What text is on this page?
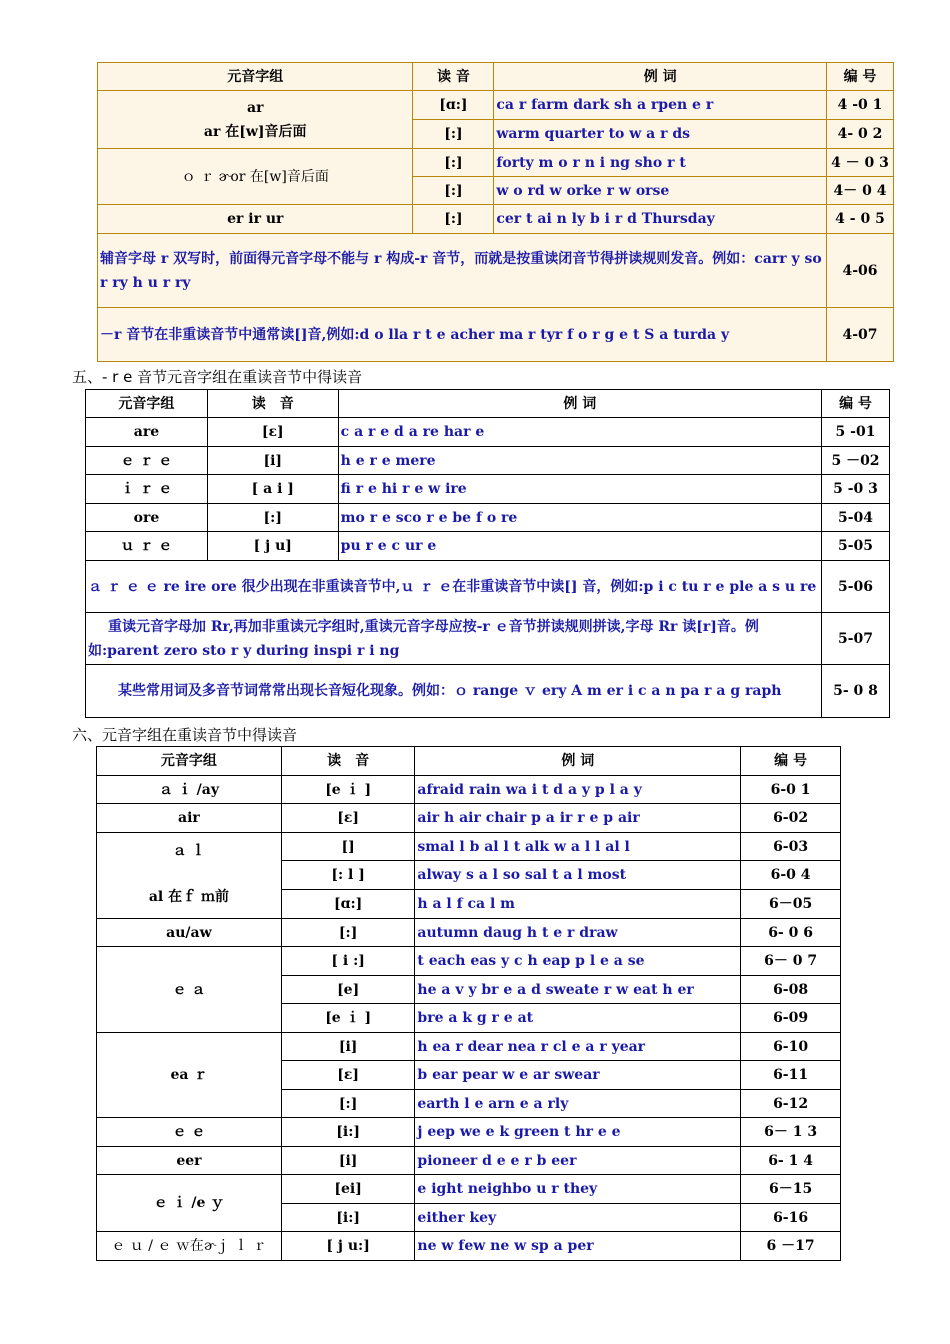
元音字组	读 音	例 词	编 号
ar
ar 在[w]音后面	[ɑ:]	ca r farm dark sh a rpen e r	4 -0 1
	[:]	warm quarter to w a r ds	4- 0 2
ｏ ｒ ɚor 在[w]音后面	[:]	forty m o r n i ng sho r t	4 － 0 3
	[:]	w o rd w orke r w orse	4－ 0 4
er ir ur	[:]	cer t ai n ly b i r d Thursday	4 - 0 5
辅音字母 r 双写时，前面得元音字母不能与 r 构成-r 音节，而就是按重读闭音节得拼读规则发音。例如：carr y so r ry h u r ry			4-06
－r 音节在非重读音节中通常读[]音,例如:d o lla r t e acher ma r tyr f o r g e t S a turda y			4-07
五、- r e 音节元音字组在重读音节中得读音
元音字组	读　音	例 词	编 号
are	[ɛ]	c a r e d a re har e	5 -01
ｅ ｒ ｅ	[i]	h e r e mere	5 －02
ｉ ｒ ｅ	[ a i ]	fi r e hi r e w ire	5 -0 3
ore	[:]	mo r e sco r e be f o re	5-04
ｕ ｒ ｅ	[ j u]	pu r e c ur e	5-05
ａ ｒ ｅ ｅ re ire ore 很少出现在非重读音节中,ｕ ｒ ｅ在非重读音节中读[] 音，例如:p i c tu r e ple a s u re			5-06
重读元音字母加 Rr,再加非重读元字组时,重读元音字母应按-r ｅ音节拼读规则拼读,字母 Rr 读[r]音。例如:parent zero sto r y during inspi r i ng			5-07
某些常用词及多音节词常常出现长音短化现象。例如：ｏ range ｖ ery A m er i c a n pa r a g raph			5- 0 8
六、元音字组在重读音节中得读音
元音字组	读　音	例 词	编 号
ａ ｉ /ay	[e ｉ ]	afraid rain wa i t d a y p l a y	6-0 1
air	[ɛ]	air h air chair p a ir r e p air	6-02

ａ ｌ
al 在ｆ ｍ前	[]	smal l b al l t alk w a l l al l	6-03
	[: l ]	alway s a l so sal t a l most	6-0 4
	[ɑ:]	h a l f ca l m	6－05
au/aw	[:]	autumn daug h t e r draw	6- 0 6
ｅ ａ	[ i :]	t each eas y c h eap p l e a se	6－ 0 7
	[e]	he a v y br e a d sweate r w eat h er	6-08
	[e ｉ ]	bre a k g r e at	6-09
ea ｒ	[i]	h ea r dear nea r cl e a r year	6-10
	[ɛ]	b ear pear w e ar swear	6-11
	[:]	earth l e arn e a rly	6-12
ｅ ｅ	[i:]	j eep we e k green t hr e e	6－ 1 3
eer	[i]	pioneer d e e r b eer	6- 1 4
ｅ ｉ /e ｙ	[ei]	e ight neighbo u r they	6－15
	[i:]	either key	6-16
ｅ ｕ / ｅ ｗ在ɚｊ ｌ ｒ	[ j u:]	ne w few ne w sp a per	6 －17
